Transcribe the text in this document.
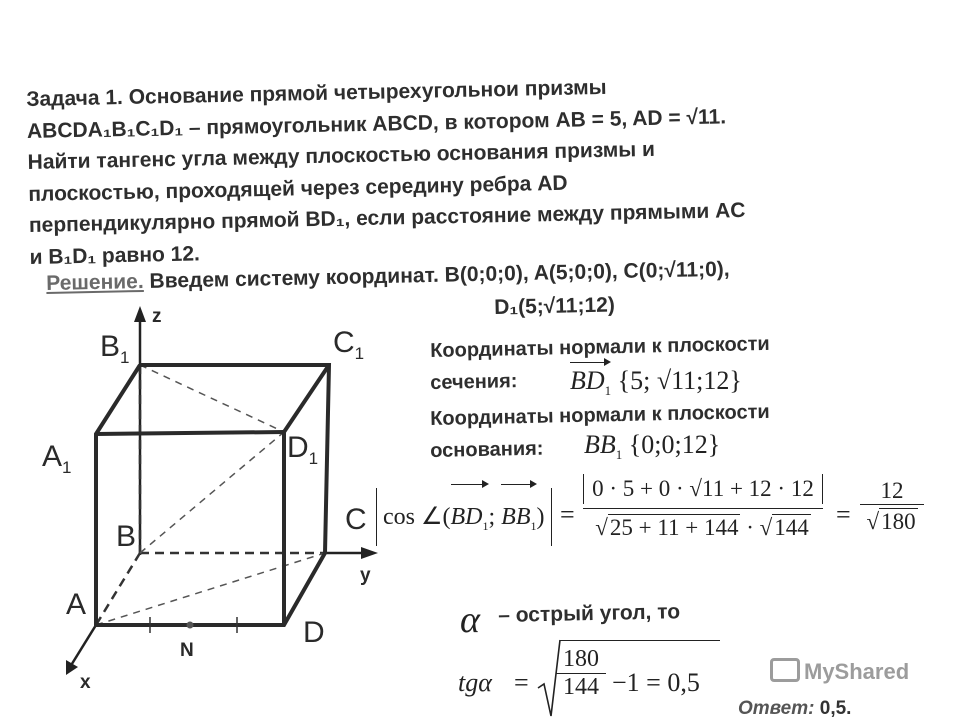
Задача 1. Основание прямой четырехугольнои призмы
ABCDA₁B₁C₁D₁ – прямоугольник ABCD, в котором AB = 5, AD = √11.
Найти тангенс угла между плоскостью основания призмы и
плоскостью, проходящей через середину ребра AD
перпендикулярно прямой BD₁, если расстояние между прямыми AC
и B₁D₁ равно 12.
Решение. Введем систему координат. B(0;0;0), A(5;0;0), C(0;√11;0),
D₁(5;√11;12)
z
y
x
N
$B_1$	$C_1$
$A_1$
$D_1$
B
C
A
D
Координаты нормали к плоскости
сечения: $BD_1$ {5; √11;12}
Координаты нормали к плоскости
основания: $BB_1$ {0;0;12}
$\cos \angle(BD_1$; $BB_1) = \frac{0 \cdot 5 + 0 \cdot √11 + 12 \cdot 12}{√25 + 11 + 144 \cdot √144} = \frac{12}{√180}$
α – острый угол, то
$tg\alpha = \frac{180}{144} -1 = 0,5$	MyShared
Ответ: 0,5.
